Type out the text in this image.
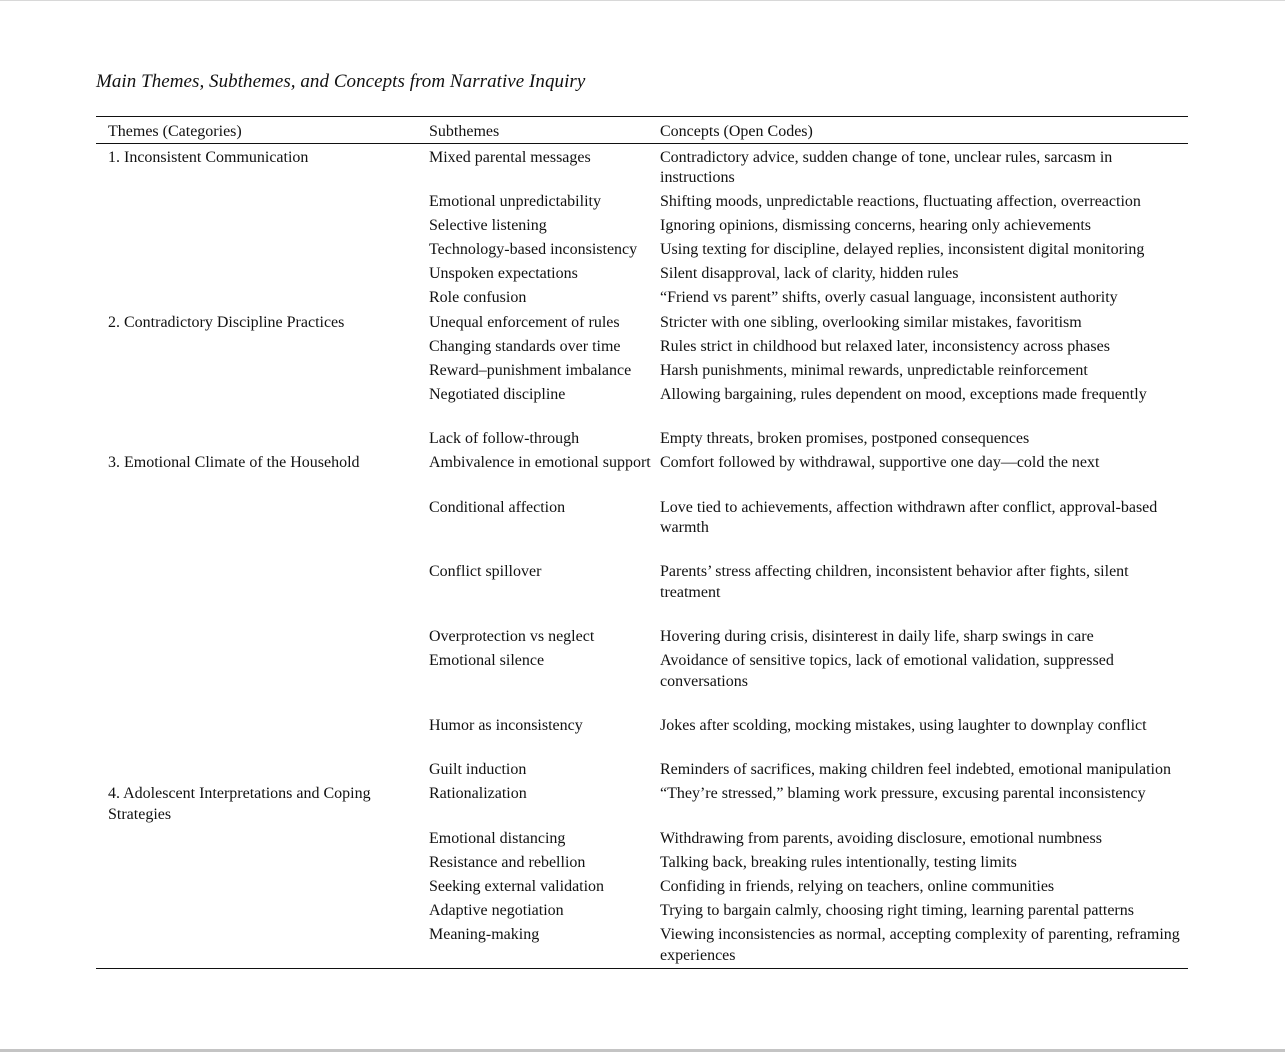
Main Themes, Subthemes, and Concepts from Narrative Inquiry
Themes (Categories)	Subthemes	Concepts (Open Codes)
1. Inconsistent Communication	Mixed parental messages	Contradictory advice, sudden change of tone, unclear rules, sarcasm in instructions
	Emotional unpredictability	Shifting moods, unpredictable reactions, fluctuating affection, overreaction
	Selective listening	Ignoring opinions, dismissing concerns, hearing only achievements
	Technology-based inconsistency	Using texting for discipline, delayed replies, inconsistent digital monitoring
	Unspoken expectations	Silent disapproval, lack of clarity, hidden rules
	Role confusion	“Friend vs parent” shifts, overly casual language, inconsistent authority
2. Contradictory Discipline Practices	Unequal enforcement of rules	Stricter with one sibling, overlooking similar mistakes, favoritism
	Changing standards over time	Rules strict in childhood but relaxed later, inconsistency across phases
	Reward–punishment imbalance	Harsh punishments, minimal rewards, unpredictable reinforcement
	Negotiated discipline	Allowing bargaining, rules dependent on mood, exceptions made frequently
	Lack of follow-through	Empty threats, broken promises, postponed consequences
3. Emotional Climate of the Household	Ambivalence in emotional support	Comfort followed by withdrawal, supportive one day—cold the next
	Conditional affection	Love tied to achievements, affection withdrawn after conflict, approval-based warmth
	Conflict spillover	Parents’ stress affecting children, inconsistent behavior after fights, silent treatment
	Overprotection vs neglect	Hovering during crisis, disinterest in daily life, sharp swings in care
	Emotional silence	Avoidance of sensitive topics, lack of emotional validation, suppressed conversations
	Humor as inconsistency	Jokes after scolding, mocking mistakes, using laughter to downplay conflict
	Guilt induction	Reminders of sacrifices, making children feel indebted, emotional manipulation
4. Adolescent Interpretations and Coping Strategies	Rationalization	“They’re stressed,” blaming work pressure, excusing parental inconsistency
	Emotional distancing	Withdrawing from parents, avoiding disclosure, emotional numbness
	Resistance and rebellion	Talking back, breaking rules intentionally, testing limits
	Seeking external validation	Confiding in friends, relying on teachers, online communities
	Adaptive negotiation	Trying to bargain calmly, choosing right timing, learning parental patterns
	Meaning-making	Viewing inconsistencies as normal, accepting complexity of parenting, reframing experiences
